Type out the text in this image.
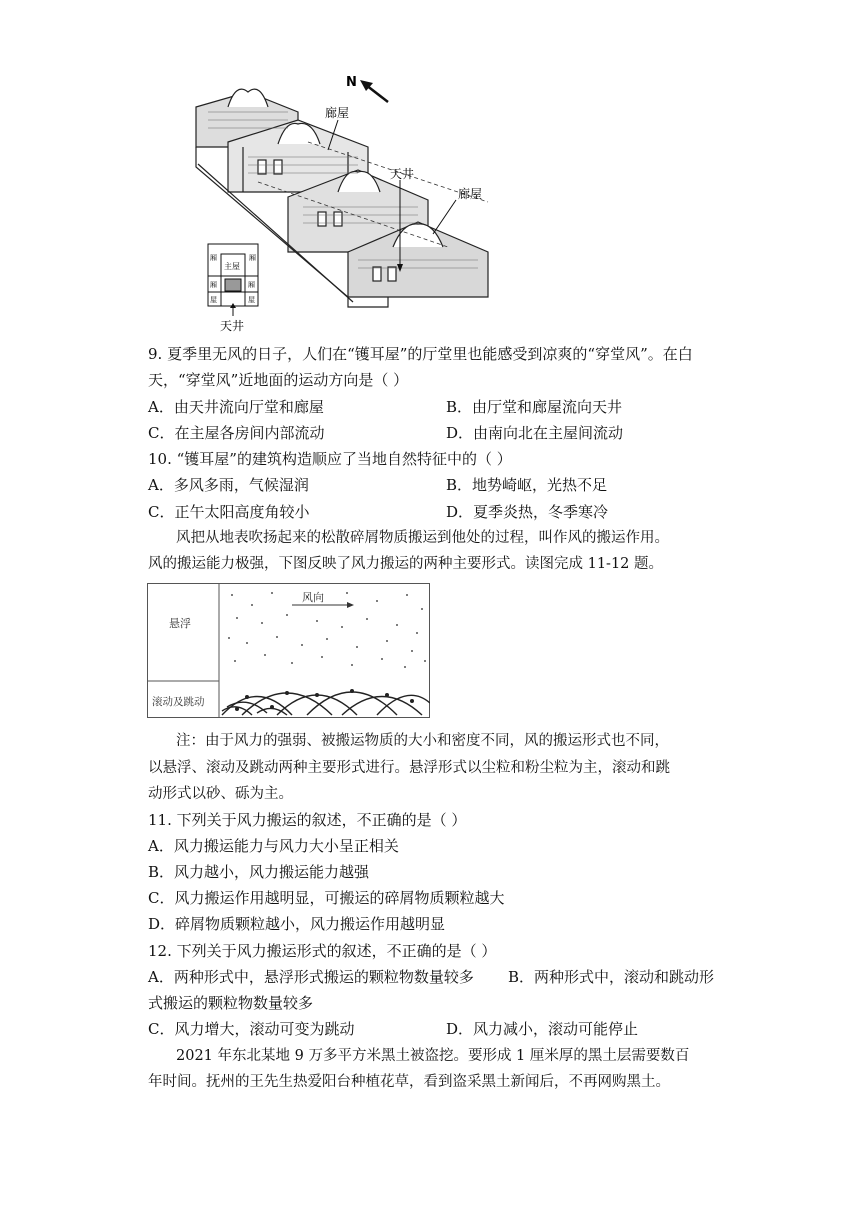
N
廊屋
天井
廊屋
厢
主屋
厢
厢	厢
屋	屋
天井
9. 夏季里无风的日子，人们在“镬耳屋”的厅堂里也能感受到凉爽的“穿堂风”。在白
天，“穿堂风”近地面的运动方向是（ ）
A．由天井流向厅堂和廊屋	B．由厅堂和廊屋流向天井
C．在主屋各房间内部流动	D．由南向北在主屋间流动
10. “镬耳屋”的建筑构造顺应了当地自然特征中的（ ）
A．多风多雨，气候湿润	B．地势崎岖，光热不足
C．正午太阳高度角较小	D．夏季炎热，冬季寒冷
风把从地表吹扬起来的松散碎屑物质搬运到他处的过程，叫作风的搬运作用。
风的搬运能力极强，下图反映了风力搬运的两种主要形式。读图完成 11-12 题。
风向
悬浮
滚动及跳动
注：由于风力的强弱、被搬运物质的大小和密度不同，风的搬运形式也不同，
以悬浮、滚动及跳动两种主要形式进行。悬浮形式以尘粒和粉尘粒为主，滚动和跳
动形式以砂、砾为主。
11. 下列关于风力搬运的叙述，不正确的是（ ）
A．风力搬运能力与风力大小呈正相关
B．风力越小，风力搬运能力越强
C．风力搬运作用越明显，可搬运的碎屑物质颗粒越大
D．碎屑物质颗粒越小，风力搬运作用越明显
12. 下列关于风力搬运形式的叙述，不正确的是（ ）
A．两种形式中，悬浮形式搬运的颗粒物数量较多 B．两种形式中，滚动和跳动形
式搬运的颗粒物数量较多
C．风力增大，滚动可变为跳动	D．风力减小，滚动可能停止
2021 年东北某地 9 万多平方米黑土被盗挖。要形成 1 厘米厚的黑土层需要数百
年时间。抚州的王先生热爱阳台种植花草，看到盗采黑土新闻后，不再网购黑土。
